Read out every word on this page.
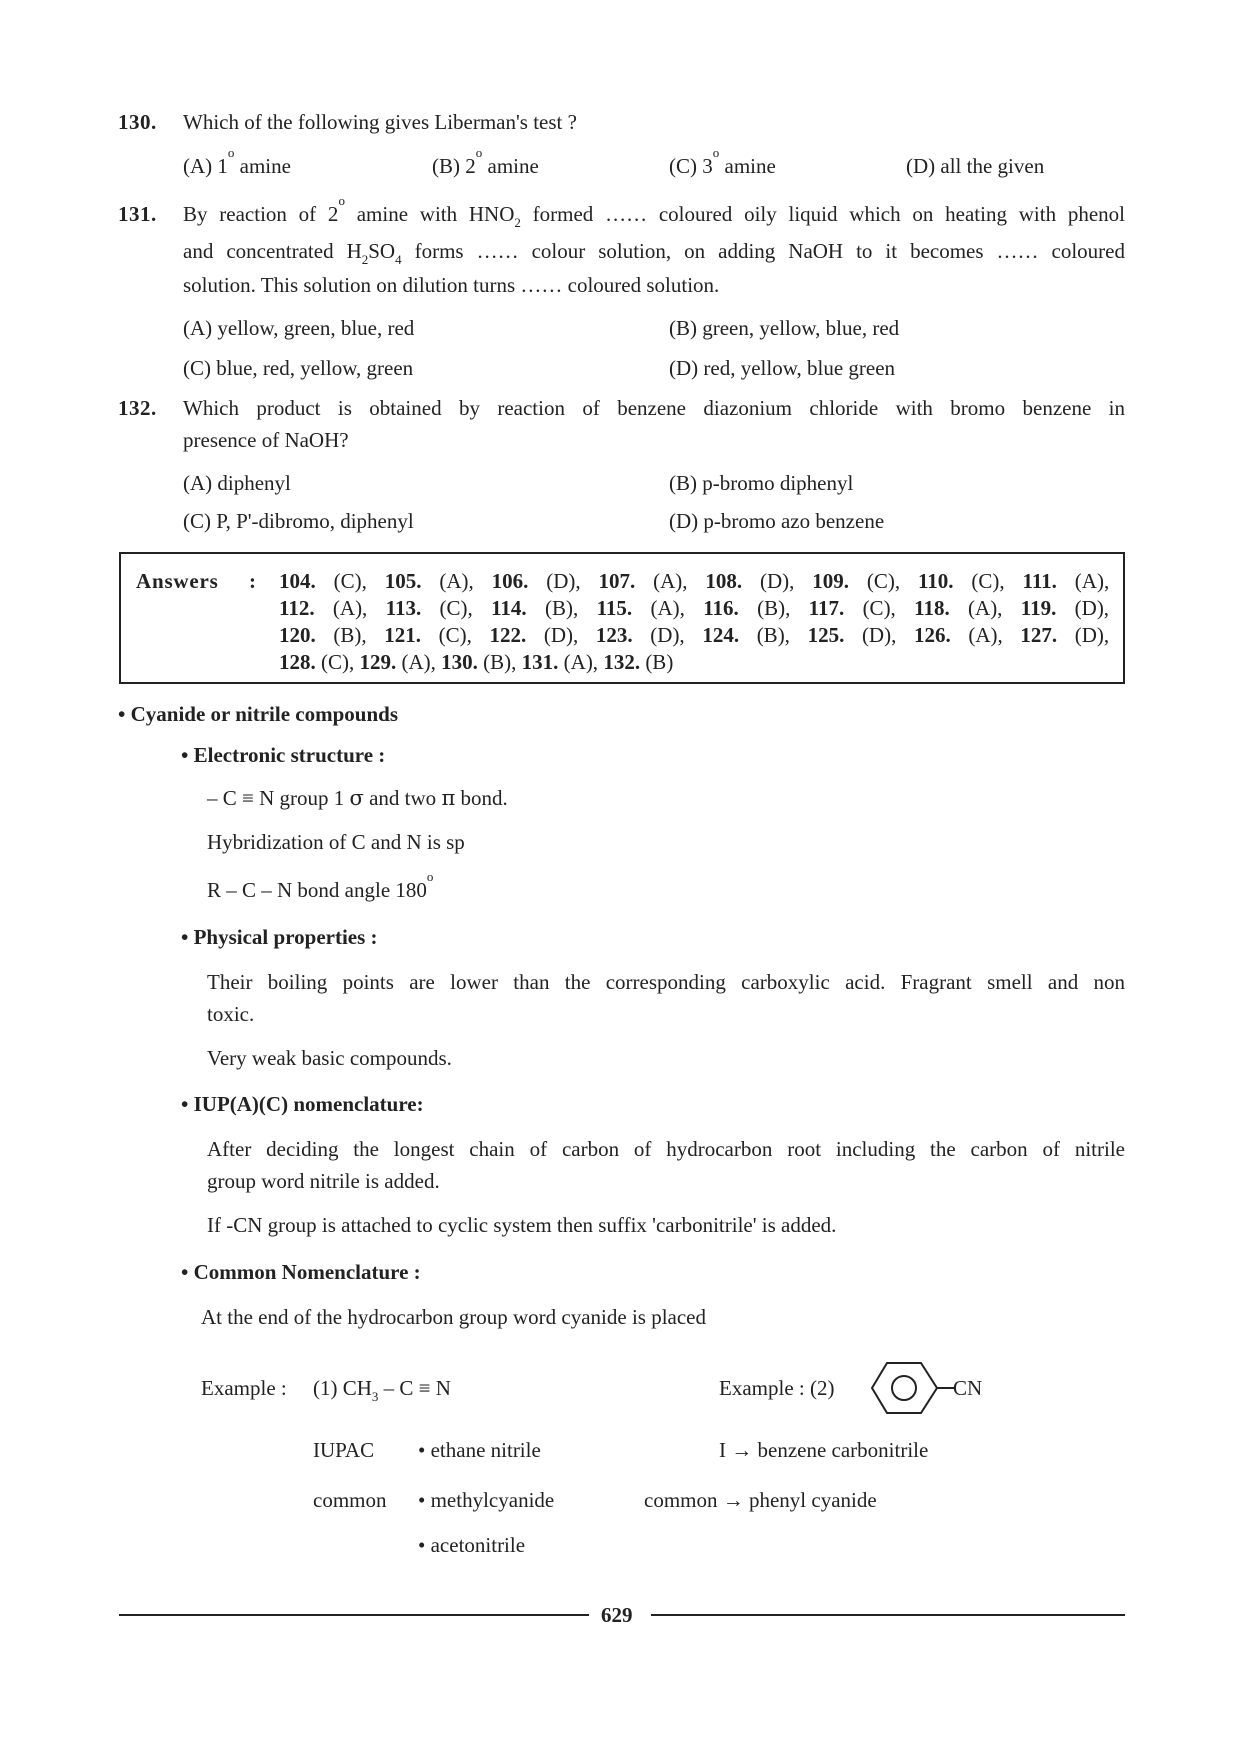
130. Which of the following gives Liberman's test ?
(A) 1$^o$ amine	(B) 2$^o$ amine	(C) 3$^o$ amine	(D) all the given
131. By reaction of 2$^o$ amine with $HNO_2$ formed …… coloured oily liquid which on heating with phenol
and concentrated $H_2SO_4$ forms …… colour solution, on adding NaOH to it becomes …… coloured
solution. This solution on dilution turns …… coloured solution.
(A) yellow, green, blue, red	(B) green, yellow, blue, red
(C) blue, red, yellow, green	(D) red, yellow, blue green
132. Which product is obtained by reaction of benzene diazonium chloride with bromo benzene in
presence of NaOH?
(A) diphenyl	(B) p-bromo diphenyl
(C) P, P'-dibromo, diphenyl	(D) p-bromo azo benzene
Answers : 104. (C), 105. (A), 106. (D), 107. (A), 108. (D), 109. (C), 110. (C), 111. (A),
112. (A), 113. (C), 114. (B), 115. (A), 116. (B), 117. (C), 118. (A), 119. (D),
120. (B), 121. (C), 122. (D), 123. (D), 124. (B), 125. (D), 126. (A), 127. (D),
128. (C), 129. (A), 130. (B), 131. (A), 132. (B)
• Cyanide or nitrile compounds
• Electronic structure :
– C ≡ N group 1 σ and two π bond.
Hybridization of C and N is sp
R – C – N bond angle 180$^o$
• Physical properties :
Their boiling points are lower than the corresponding carboxylic acid. Fragrant smell and non
toxic.
Very weak basic compounds.
• IUP(A)(C) nomenclature:
After deciding the longest chain of carbon of hydrocarbon root including the carbon of nitrile
group word nitrile is added.
If -CN group is attached to cyclic system then suffix 'carbonitrile' is added.
• Common Nomenclature :
At the end of the hydrocarbon group word cyanide is placed
Example : (1) $CH_3 - C \equiv N$	Example : (2)	CN
IUPAC • ethane nitrile	I → benzene carbonitrile
common • methylcyanide	common → phenyl cyanide
• acetonitrile
629
